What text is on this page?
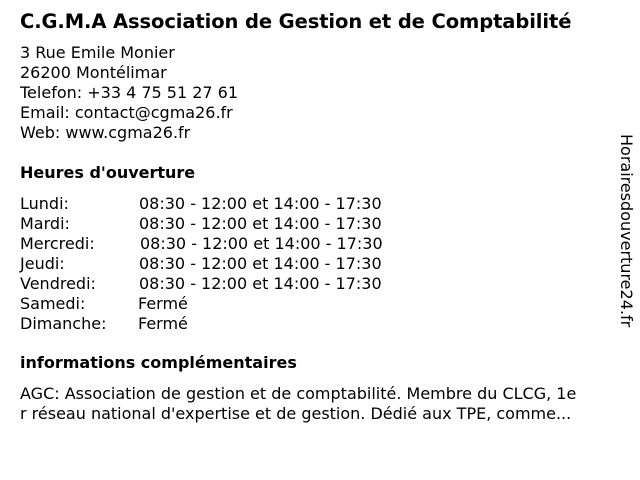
C.G.M.A Association de Gestion et de Comptabilité
3 Rue Emile Monier
26200 Montélimar
Telefon: +33 4 75 51 27 61
Email: contact@cgma26.fr
Web: www.cgma26.fr
Heures d'ouverture
Lundi:	08:30 - 12:00 et 14:00 - 17:30
Mardi:	08:30 - 12:00 et 14:00 - 17:30
Mercredi:	08:30 - 12:00 et 14:00 - 17:30
Jeudi:	08:30 - 12:00 et 14:00 - 17:30
Vendredi:	08:30 - 12:00 et 14:00 - 17:30
Samedi:	Fermé
Dimanche: Fermé
informations complémentaires
AGC: Association de gestion et de comptabilité. Membre du CLCG, 1e
r réseau national d'expertise et de gestion. Dédié aux TPE, comme...
Horairesdouverture24.fr
